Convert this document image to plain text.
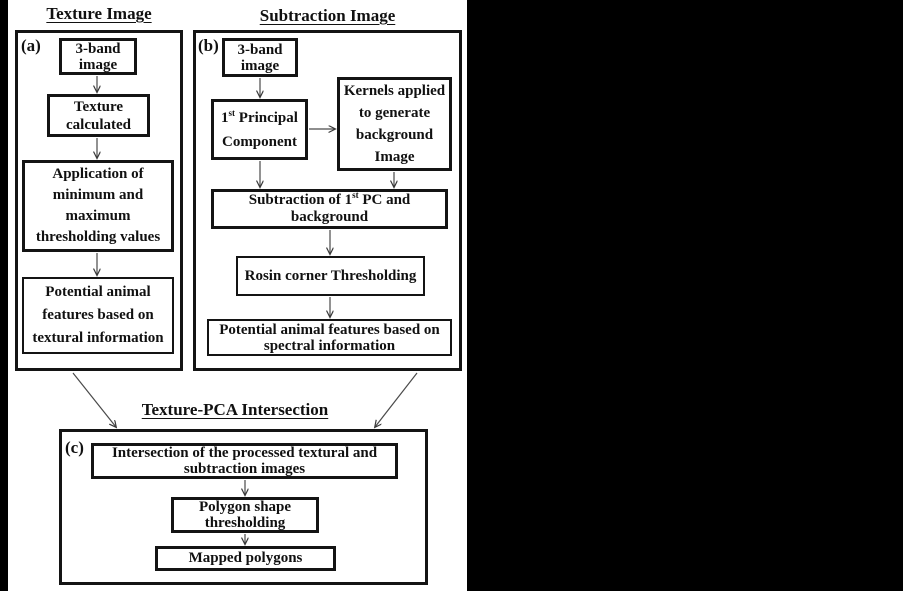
Texture Image	Subtraction Image
Texture-PCA Intersection
(a) 3-band
image
Texture
calculated
Application of
minimum and
maximum
thresholding values
Potential animal
features based on
textural information
(b) 3-band
image
1st Principal
Component
Kernels applied
to generate
background
Image
Subtraction of 1st PC and
background
Rosin corner Thresholding
Potential animal features based on
spectral information
(c) Intersection of the processed textural and
subtraction images
Polygon shape
thresholding
Mapped polygons
